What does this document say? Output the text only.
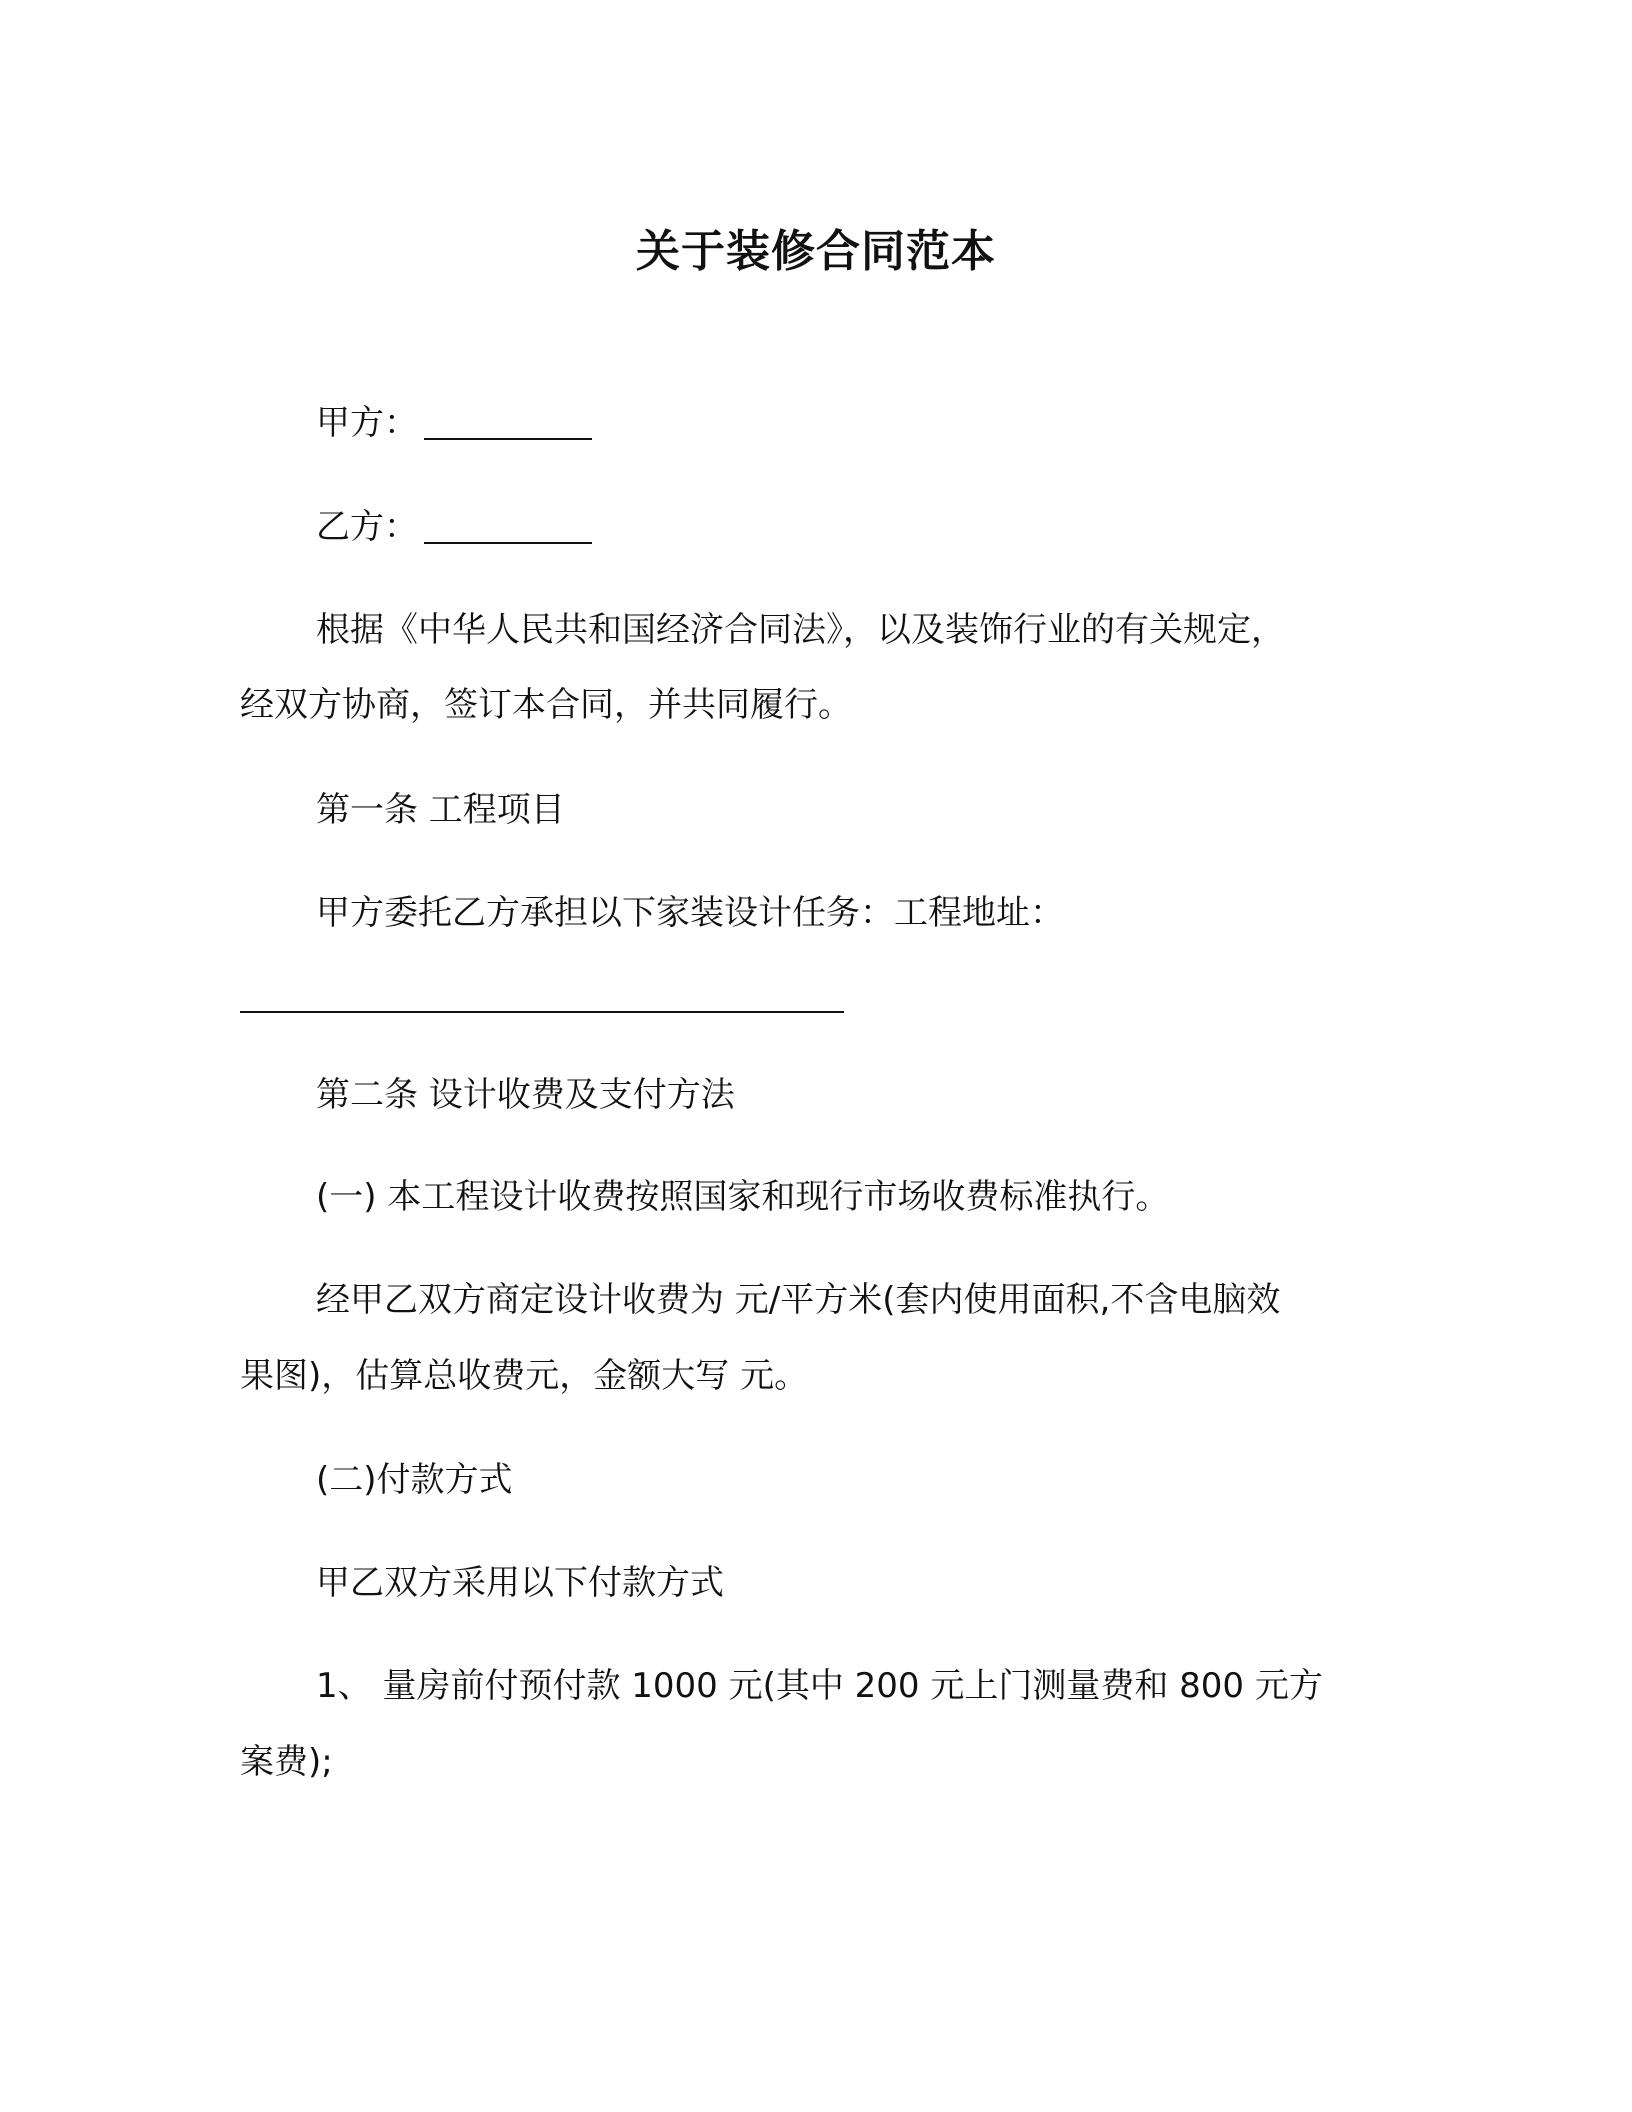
关于装修合同范本
甲方：
乙方：
根据《中华人民共和国经济合同法》，以及装饰行业的有关规定，
经双方协商，签订本合同，并共同履行。
第一条 工程项目
甲方委托乙方承担以下家装设计任务：工程地址：
第二条 设计收费及支付方法
(一) 本工程设计收费按照国家和现行市场收费标准执行。
经甲乙双方商定设计收费为 元/平方米(套内使用面积,不含电脑效
果图)，估算总收费元，金额大写 元。
(二)付款方式
甲乙双方采用以下付款方式
1、 量房前付预付款 1000 元(其中 200 元上门测量费和 800 元方
案费);
